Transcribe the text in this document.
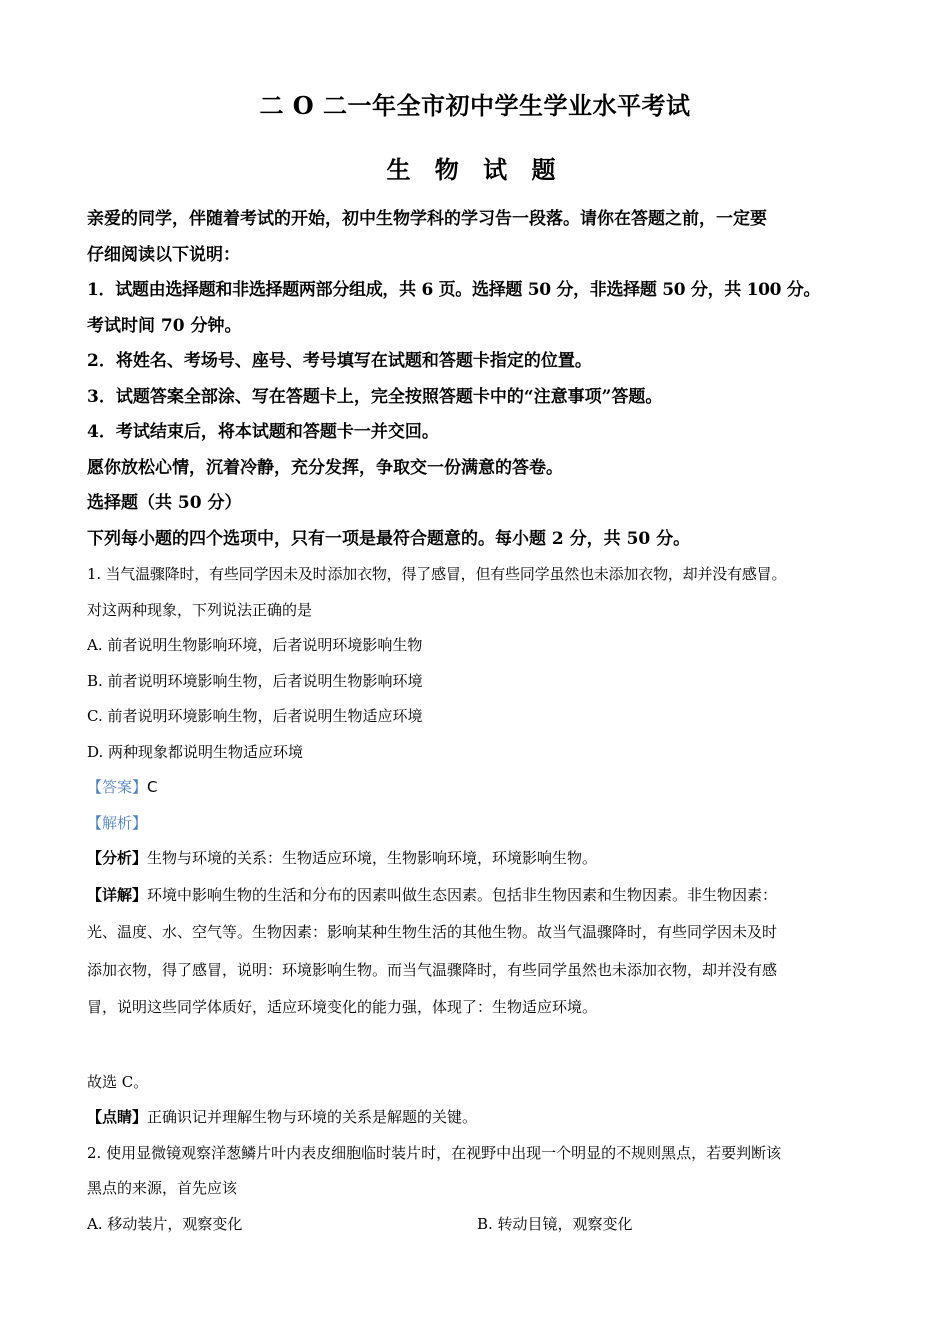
二 O 二一年全市初中学生学业水平考试
生 物 试 题
亲爱的同学，伴随着考试的开始，初中生物学科的学习告一段落。请你在答题之前，一定要
仔细阅读以下说明：
1．试题由选择题和非选择题两部分组成，共 6 页。选择题 50 分，非选择题 50 分，共 100 分。
考试时间 70 分钟。
2．将姓名、考场号、座号、考号填写在试题和答题卡指定的位置。
3．试题答案全部涂、写在答题卡上，完全按照答题卡中的“注意事项”答题。
4．考试结束后，将本试题和答题卡一并交回。
愿你放松心情，沉着冷静，充分发挥，争取交一份满意的答卷。
选择题（共 50 分）
下列每小题的四个选项中，只有一项是最符合题意的。每小题 2 分，共 50 分。
1. 当气温骤降时，有些同学因未及时添加衣物，得了感冒，但有些同学虽然也未添加衣物，却并没有感冒。
对这两种现象，下列说法正确的是
A. 前者说明生物影响环境，后者说明环境影响生物
B. 前者说明环境影响生物，后者说明生物影响环境
C. 前者说明环境影响生物，后者说明生物适应环境
D. 两种现象都说明生物适应环境
【答案】C
【解析】
【分析】生物与环境的关系：生物适应环境，生物影响环境，环境影响生物。
【详解】环境中影响生物的生活和分布的因素叫做生态因素。包括非生物因素和生物因素。非生物因素：
光、温度、水、空气等。生物因素：影响某种生物生活的其他生物。故当气温骤降时，有些同学因未及时
添加衣物，得了感冒，说明：环境影响生物。而当气温骤降时，有些同学虽然也未添加衣物，却并没有感
冒，说明这些同学体质好，适应环境变化的能力强，体现了：生物适应环境。
故选 C。
【点睛】正确识记并理解生物与环境的关系是解题的关键。
2. 使用显微镜观察洋葱鳞片叶内表皮细胞临时装片时，在视野中出现一个明显的不规则黑点，若要判断该
黑点的来源，首先应该
A. 移动装片，观察变化	B. 转动目镜，观察变化
